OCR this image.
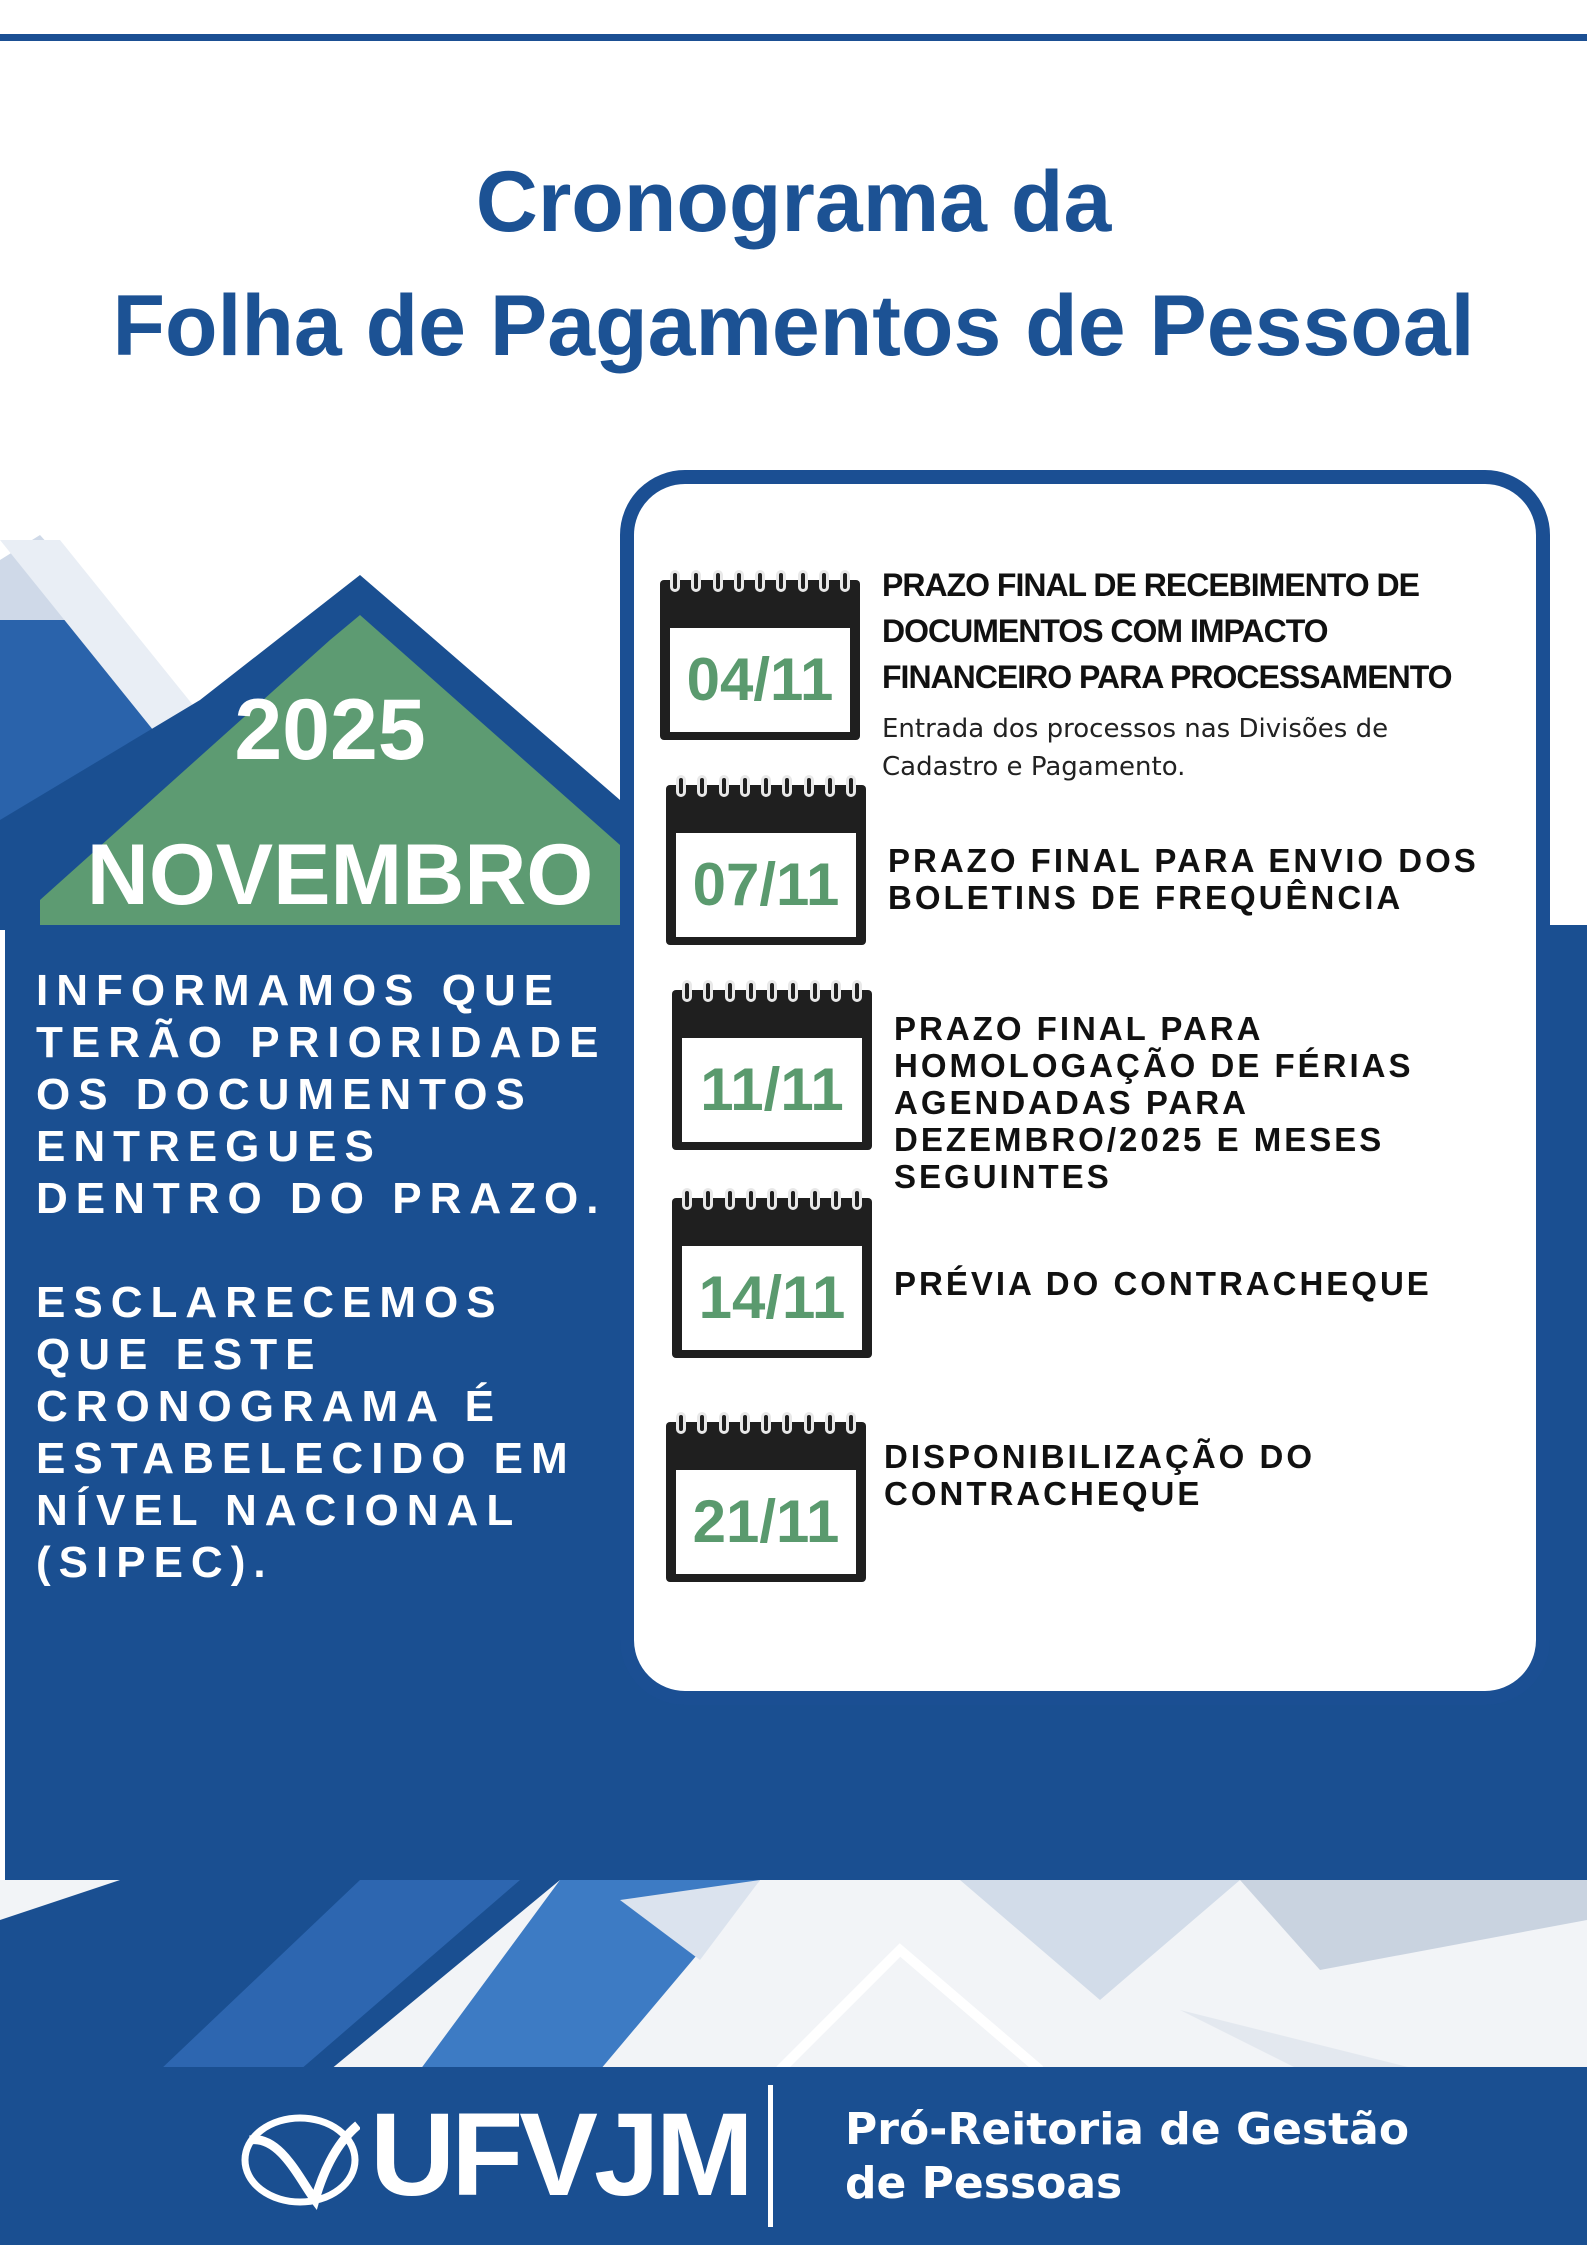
Cronograma da
Folha de Pagamentos de Pessoal
2025
NOVEMBRO

INFORMAMOS QUE
TERÃO PRIORIDADE
OS DOCUMENTOS
ENTREGUES
DENTRO DO PRAZO.

ESCLARECEMOS
QUE ESTE
CRONOGRAMA É
ESTABELECIDO EM
NÍVEL NACIONAL
(SIPEC).

04/11
PRAZO FINAL DE RECEBIMENTO DE
DOCUMENTOS COM IMPACTO
FINANCEIRO PARA PROCESSAMENTO
Entrada dos processos nas Divisões de
Cadastro e Pagamento.
07/11	PRAZO FINAL PARA ENVIO DOS
BOLETINS DE FREQUÊNCIA
11/11
PRAZO FINAL PARA
HOMOLOGAÇÃO DE FÉRIAS
AGENDADAS PARA
DEZEMBRO/2025 E MESES
SEGUINTES
14/11	PRÉVIA DO CONTRACHEQUE
21/11
DISPONIBILIZAÇÃO DO
CONTRACHEQUE
UFVJM Pró-Reitoria de Gestão
de Pessoas
